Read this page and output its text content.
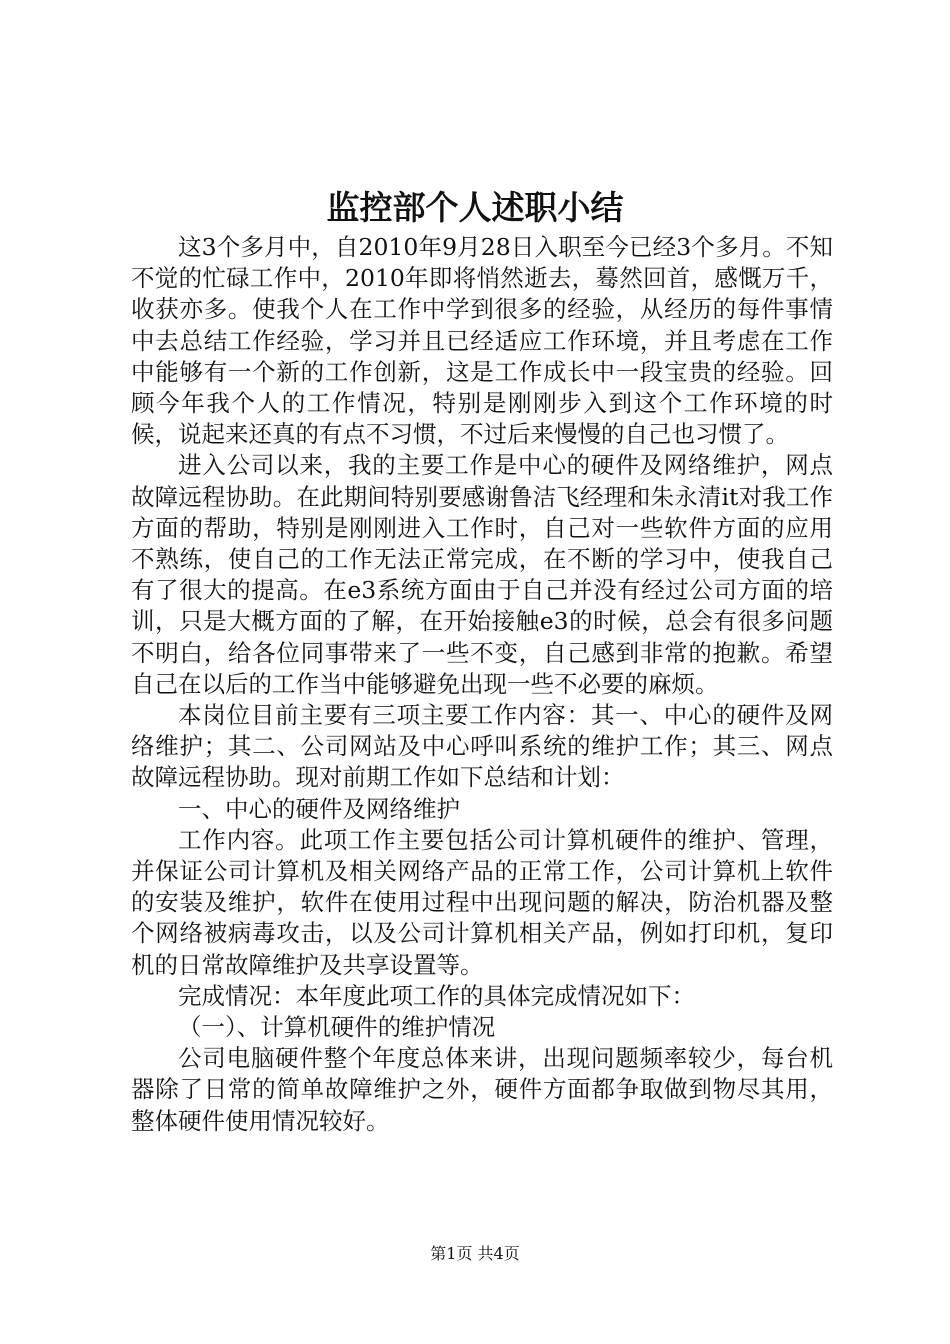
监控部个人述职小结

这3个多月中，自2010年9月28日入职至今已经3个多月。不知不觉的忙碌工作中，2010年即将悄然逝去，蓦然回首，感慨万千，收获亦多。使我个人在工作中学到很多的经验，从经历的每件事情中去总结工作经验，学习并且已经适应工作环境，并且考虑在工作中能够有一个新的工作创新，这是工作成长中一段宝贵的经验。回顾今年我个人的工作情况，特别是刚刚步入到这个工作环境的时候，说起来还真的有点不习惯，不过后来慢慢的自己也习惯了。

进入公司以来，我的主要工作是中心的硬件及网络维护，网点故障远程协助。在此期间特别要感谢鲁洁飞经理和朱永清it对我工作方面的帮助，特别是刚刚进入工作时，自己对一些软件方面的应用不熟练，使自己的工作无法正常完成，在不断的学习中，使我自己有了很大的提高。在e3系统方面由于自己并没有经过公司方面的培训，只是大概方面的了解，在开始接触e3的时候，总会有很多问题不明白，给各位同事带来了一些不变，自己感到非常的抱歉。希望自己在以后的工作当中能够避免出现一些不必要的麻烦。

本岗位目前主要有三项主要工作内容：其一、中心的硬件及网络维护；其二、公司网站及中心呼叫系统的维护工作；其三、网点故障远程协助。现对前期工作如下总结和计划：

一、中心的硬件及网络维护

工作内容。此项工作主要包括公司计算机硬件的维护、管理，并保证公司计算机及相关网络产品的正常工作，公司计算机上软件的安装及维护，软件在使用过程中出现问题的解决，防治机器及整个网络被病毒攻击，以及公司计算机相关产品，例如打印机，复印机的日常故障维护及共享设置等。

完成情况：本年度此项工作的具体完成情况如下：

（一）、计算机硬件的维护情况

公司电脑硬件整个年度总体来讲，出现问题频率较少，每台机器除了日常的简单故障维护之外，硬件方面都争取做到物尽其用，整体硬件使用情况较好。

第1页 共4页
